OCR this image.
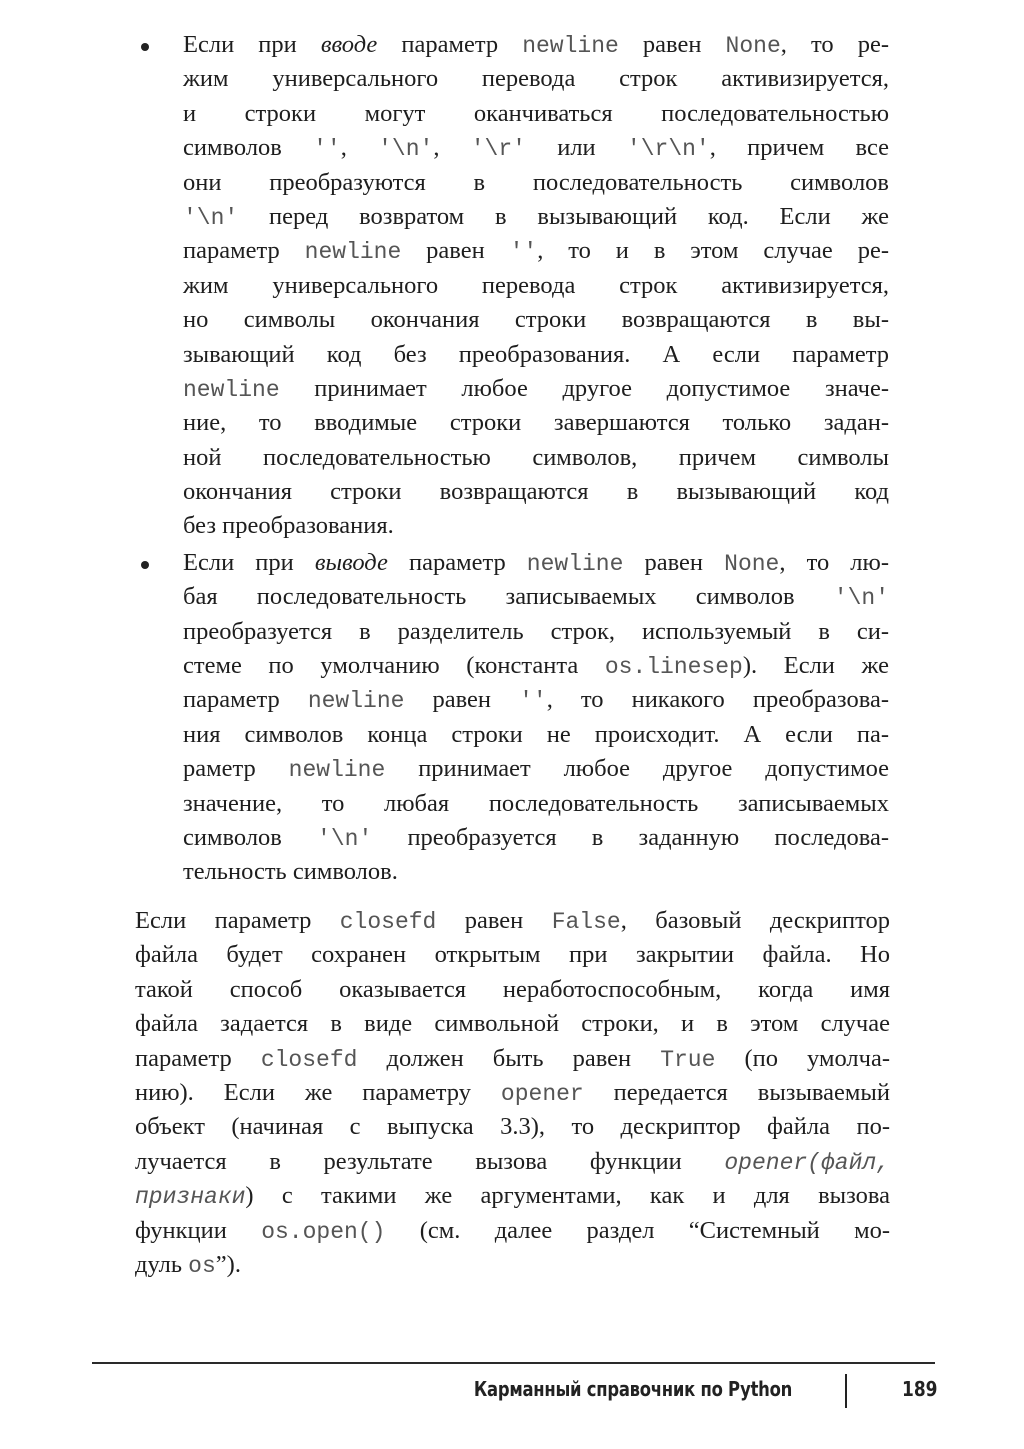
Если при вводе параметр newline равен None, то ре-
жим универсального перевода строк активизируется,
и строки могут оканчиваться последовательностью
символов '', '\n', '\r' или '\r\n', причем все
они преобразуются в последовательность символов
'\n' перед возвратом в вызывающий код. Если же
параметр newline равен '', то и в этом случае ре-
жим универсального перевода строк активизируется,
но символы окончания строки возвращаются в вы-
зывающий код без преобразования. А если параметр
newline принимает любое другое допустимое значе-
ние, то вводимые строки завершаются только задан-
ной последовательностью символов, причем символы
окончания строки возвращаются в вызывающий код
без преобразования.
Если при выводе параметр newline равен None, то лю-
бая последовательность записываемых символов '\n'
преобразуется в разделитель строк, используемый в си-
стеме по умолчанию (константа os.linesep). Если же
параметр newline равен '', то никакого преобразова-
ния символов конца строки не происходит. А если па-
раметр newline принимает любое другое допустимое
значение, то любая последовательность записываемых
символов '\n' преобразуется в заданную последова-
тельность символов.
Если параметр closefd равен False, базовый дескриптор
файла будет сохранен открытым при закрытии файла. Но
такой способ оказывается неработоспособным, когда имя
файла задается в виде символьной строки, и в этом случае
параметр closefd должен быть равен True (по умолча-
нию). Если же параметру opener передается вызываемый
объект (начиная с выпуска 3.3), то дескриптор файла по-
лучается в результате вызова функции opener(файл,
признаки) с такими же аргументами, как и для вызова
функции os.open() (см. далее раздел “Системный мо-
дуль os”).
Карманный справочник по Python	189
